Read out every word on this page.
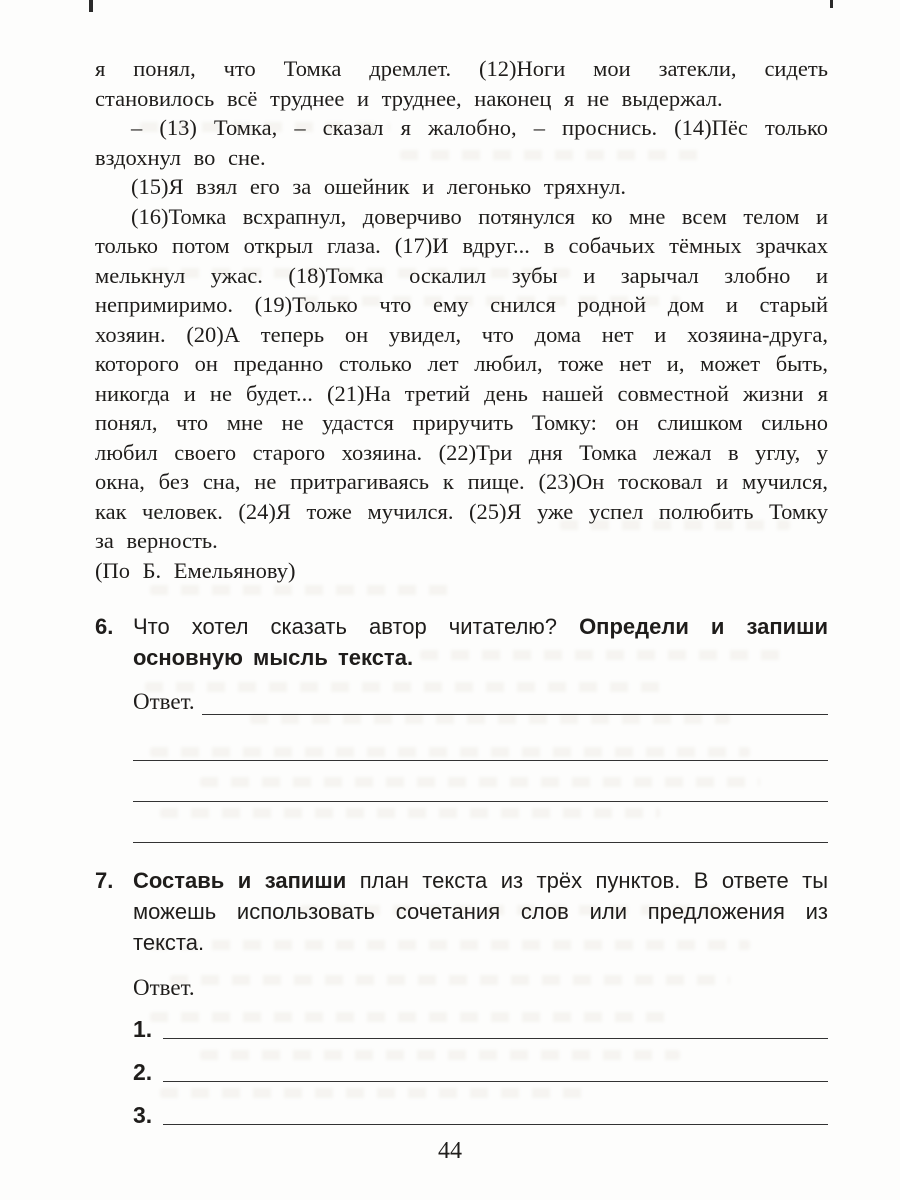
я понял, что Томка дремлет. (12)Ноги мои затекли, сидеть становилось всё труднее и труднее, наконец я не выдержал.

– (13) Томка, – сказал я жалобно, – проснись. (14)Пёс только вздохнул во сне.

(15)Я взял его за ошейник и легонько тряхнул.

(16)Томка всхрапнул, доверчиво потянулся ко мне всем телом и только потом открыл глаза. (17)И вдруг... в собачьих тёмных зрачках мелькнул ужас. (18)Томка оскалил зубы и зарычал злобно и непримиримо. (19)Только что ему снился родной дом и старый хозяин. (20)А теперь он увидел, что дома нет и хозяина-друга, которого он преданно столько лет любил, тоже нет и, может быть, никогда и не будет... (21)На третий день нашей совместной жизни я понял, что мне не удастся приручить Томку: он слишком сильно любил своего старого хозяина. (22)Три дня Томка лежал в углу, у окна, без сна, не притрагиваясь к пище. (23)Он тосковал и мучился, как человек. (24)Я тоже мучился. (25)Я уже успел полюбить Томку за верность.

(По Б. Емельянову)

6. Что хотел сказать автор читателю? Определи и запиши основную мысль текста.
Ответ.
7. Составь и запиши план текста из трёх пунктов. В ответе ты можешь использовать сочетания слов или предложения из текста.
Ответ.
1.
2.
3.
44
